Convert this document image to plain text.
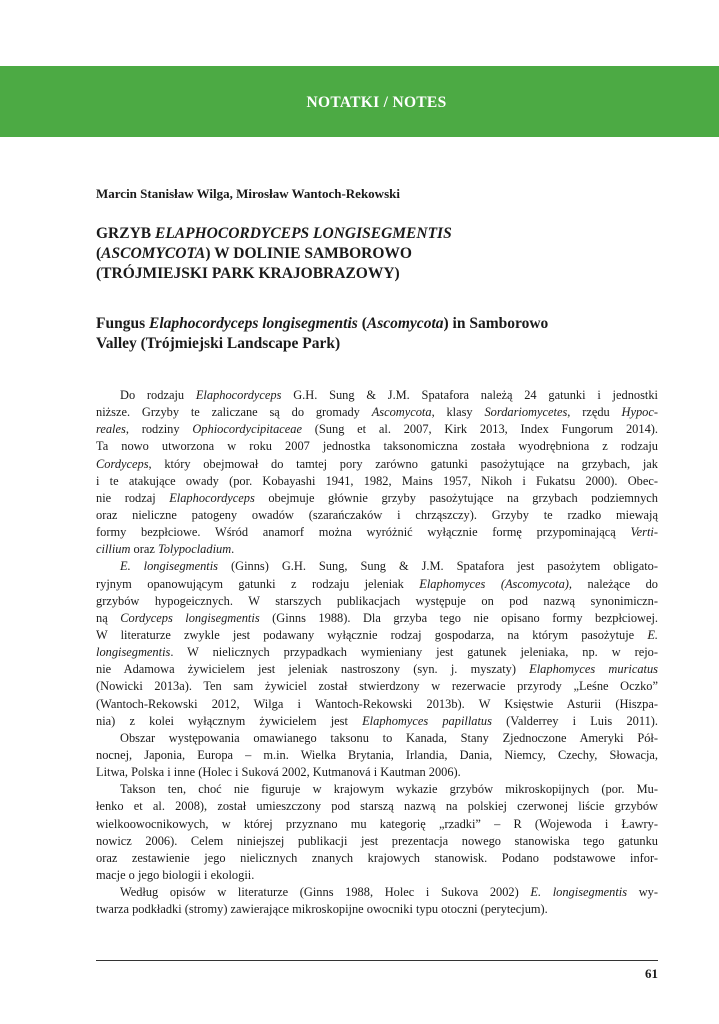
NOTATKI / NOTES
Marcin Stanisław Wilga, Mirosław Wantoch-Rekowski
GRZYB ELAPHOCORDYCEPS LONGISEGMENTIS
(ASCOMYCOTA) W DOLINIE SAMBOROWO
(TRÓJMIEJSKI PARK KRAJOBRAZOWY)
Fungus Elaphocordyceps longisegmentis (Ascomycota) in Samborowo
Valley (Trójmiejski Landscape Park)
Do rodzaju Elaphocordyceps G.H. Sung & J.M. Spatafora należą 24 gatunki i jednostki
niższe. Grzyby te zaliczane są do gromady Ascomycota, klasy Sordariomycetes, rzędu Hypoc-
reales, rodziny Ophiocordycipitaceae (Sung et al. 2007, Kirk 2013, Index Fungorum 2014).
Ta nowo utworzona w roku 2007 jednostka taksonomiczna została wyodrębniona z rodzaju
Cordyceps, który obejmował do tamtej pory zarówno gatunki pasożytujące na grzybach, jak
i te atakujące owady (por. Kobayashi 1941, 1982, Mains 1957, Nikoh i Fukatsu 2000). Obec-
nie rodzaj Elaphocordyceps obejmuje głównie grzyby pasożytujące na grzybach podziemnych
oraz nieliczne patogeny owadów (szarańczaków i chrząszczy). Grzyby te rzadko miewają
formy bezpłciowe. Wśród anamorf można wyróżnić wyłącznie formę przypominającą Verti-
cillium oraz Tolypocladium.
E. longisegmentis (Ginns) G.H. Sung, Sung & J.M. Spatafora jest pasożytem obligato-
ryjnym opanowującym gatunki z rodzaju jeleniak Elaphomyces (Ascomycota), należące do
grzybów hypogeicznych. W starszych publikacjach występuje on pod nazwą synonimiczn-
ną Cordyceps longisegmentis (Ginns 1988). Dla grzyba tego nie opisano formy bezpłciowej.
W literaturze zwykle jest podawany wyłącznie rodzaj gospodarza, na którym pasożytuje E.
longisegmentis. W nielicznych przypadkach wymieniany jest gatunek jeleniaka, np. w rejo-
nie Adamowa żywicielem jest jeleniak nastroszony (syn. j. myszaty) Elaphomyces muricatus
(Nowicki 2013a). Ten sam żywiciel został stwierdzony w rezerwacie przyrody „Leśne Oczko”
(Wantoch-Rekowski 2012, Wilga i Wantoch-Rekowski 2013b). W Księstwie Asturii (Hiszpa-
nia) z kolei wyłącznym żywicielem jest Elaphomyces papillatus (Valderrey i Luis 2011).
Obszar występowania omawianego taksonu to Kanada, Stany Zjednoczone Ameryki Pół-
nocnej, Japonia, Europa – m.in. Wielka Brytania, Irlandia, Dania, Niemcy, Czechy, Słowacja,
Litwa, Polska i inne (Holec i Suková 2002, Kutmanová i Kautman 2006).
Takson ten, choć nie figuruje w krajowym wykazie grzybów mikroskopijnych (por. Mu-
łenko et al. 2008), został umieszczony pod starszą nazwą na polskiej czerwonej liście grzybów
wielkoowocnikowych, w której przyznano mu kategorię „rzadki” – R (Wojewoda i Ławry-
nowicz 2006). Celem niniejszej publikacji jest prezentacja nowego stanowiska tego gatunku
oraz zestawienie jego nielicznych znanych krajowych stanowisk. Podano podstawowe infor-
macje o jego biologii i ekologii.
Według opisów w literaturze (Ginns 1988, Holec i Sukova 2002) E. longisegmentis wy-
twarza podkładki (stromy) zawierające mikroskopijne owocniki typu otoczni (perytecjum).
61
